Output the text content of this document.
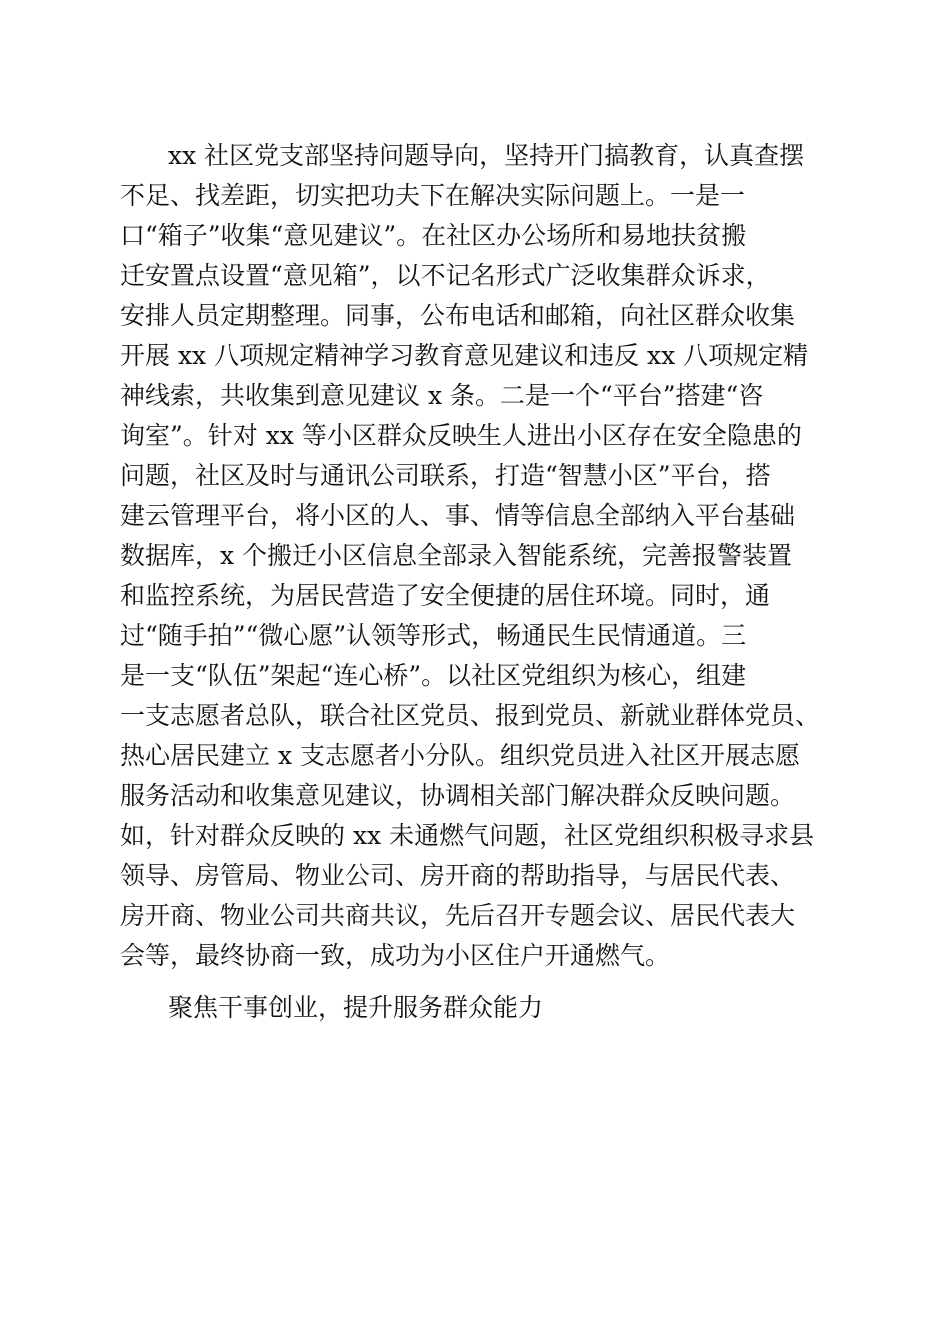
xx 社区党支部坚持问题导向，坚持开门搞教育，认真查摆
不足、找差距，切实把功夫下在解决实际问题上。一是一
口“箱子”收集“意见建议”。在社区办公场所和易地扶贫搬
迁安置点设置“意见箱”，以不记名形式广泛收集群众诉求，
安排人员定期整理。同事，公布电话和邮箱，向社区群众收集
开展 xx 八项规定精神学习教育意见建议和违反 xx 八项规定精
神线索，共收集到意见建议 x 条。二是一个“平台”搭建“咨
询室”。针对 xx 等小区群众反映生人进出小区存在安全隐患的
问题，社区及时与通讯公司联系，打造“智慧小区”平台，搭
建云管理平台，将小区的人、事、情等信息全部纳入平台基础
数据库，x 个搬迁小区信息全部录入智能系统，完善报警装置
和监控系统，为居民营造了安全便捷的居住环境。同时，通
过“随手拍”“微心愿”认领等形式，畅通民生民情通道。三
是一支“队伍”架起“连心桥”。以社区党组织为核心，组建
一支志愿者总队，联合社区党员、报到党员、新就业群体党员、
热心居民建立 x 支志愿者小分队。组织党员进入社区开展志愿
服务活动和收集意见建议，协调相关部门解决群众反映问题。
如，针对群众反映的 xx 未通燃气问题，社区党组织积极寻求县
领导、房管局、物业公司、房开商的帮助指导，与居民代表、
房开商、物业公司共商共议，先后召开专题会议、居民代表大
会等，最终协商一致，成功为小区住户开通燃气。
聚焦干事创业，提升服务群众能力
